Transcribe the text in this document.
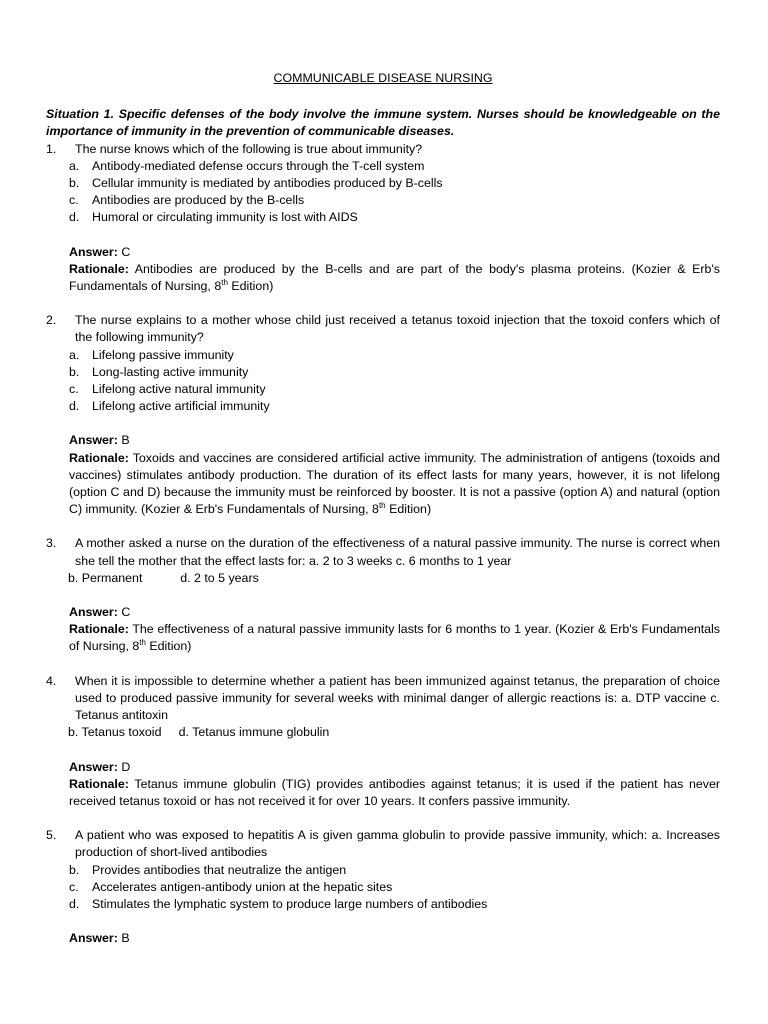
COMMUNICABLE DISEASE NURSING

Situation 1. Specific defenses of the body involve the immune system. Nurses should be knowledgeable on the importance of immunity in the prevention of communicable diseases.

1. The nurse knows which of the following is true about immunity?

a. Antibody-mediated defense occurs through the T-cell system

b. Cellular immunity is mediated by antibodies produced by B-cells

c. Antibodies are produced by the B-cells

d. Humoral or circulating immunity is lost with AIDS

Answer: C

Rationale: Antibodies are produced by the B-cells and are part of the body's plasma proteins. (Kozier & Erb's Fundamentals of Nursing, 8th Edition)

2. The nurse explains to a mother whose child just received a tetanus toxoid injection that the toxoid confers which of the following immunity?

a. Lifelong passive immunity

b. Long-lasting active immunity

c. Lifelong active natural immunity

d. Lifelong active artificial immunity

Answer: B

Rationale: Toxoids and vaccines are considered artificial active immunity. The administration of antigens (toxoids and vaccines) stimulates antibody production. The duration of its effect lasts for many years, however, it is not lifelong (option C and D) because the immunity must be reinforced by booster. It is not a passive (option A) and natural (option C) immunity. (Kozier & Erb's Fundamentals of Nursing, 8th Edition)

3. A mother asked a nurse on the duration of the effectiveness of a natural passive immunity. The nurse is correct when she tell the mother that the effect lasts for: a. 2 to 3 weeks c. 6 months to 1 year

b. Permanent           d. 2 to 5 years

Answer: C

Rationale: The effectiveness of a natural passive immunity lasts for 6 months to 1 year. (Kozier & Erb's Fundamentals of Nursing, 8th Edition)

4. When it is impossible to determine whether a patient has been immunized against tetanus, the preparation of choice used to produced passive immunity for several weeks with minimal danger of allergic reactions is: a. DTP vaccine c. Tetanus antitoxin

b. Tetanus toxoid     d. Tetanus immune globulin

Answer: D

Rationale: Tetanus immune globulin (TIG) provides antibodies against tetanus; it is used if the patient has never received tetanus toxoid or has not received it for over 10 years. It confers passive immunity.

5. A patient who was exposed to hepatitis A is given gamma globulin to provide passive immunity, which: a. Increases production of short-lived antibodies

b. Provides antibodies that neutralize the antigen

c. Accelerates antigen-antibody union at the hepatic sites

d. Stimulates the lymphatic system to produce large numbers of antibodies

Answer: B
